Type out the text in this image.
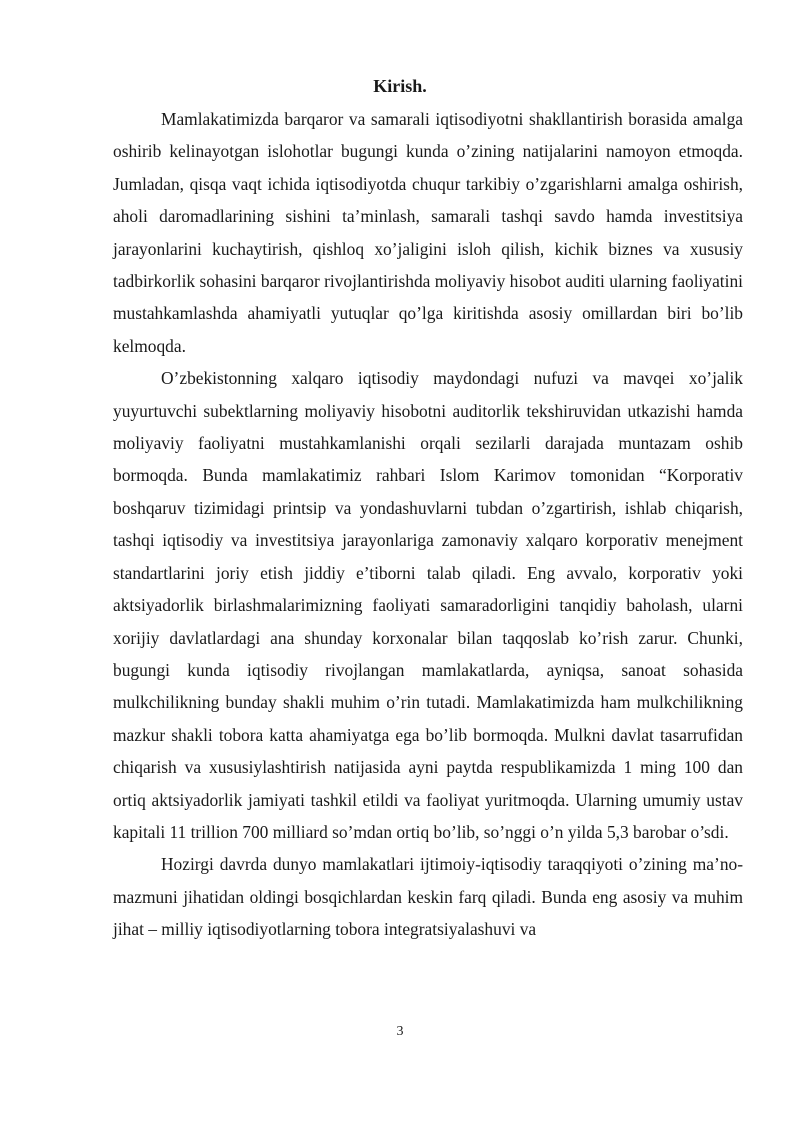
Kirish.

Mamlakatimizda barqaror va samarali iqtisodiyotni shakllantirish borasida amalga oshirib kelinayotgan islohotlar bugungi kunda o’zining natijalarini namoyon etmoqda. Jumladan, qisqa vaqt ichida iqtisodiyotda chuqur tarkibiy o’zgarishlarni amalga oshirish, aholi daromadlarining sishini ta’minlash, samarali tashqi savdo hamda investitsiya jarayonlarini kuchaytirish, qishloq xo’jaligini isloh qilish, kichik biznes va xususiy tadbirkorlik sohasini barqaror rivojlantirishda moliyaviy hisobot auditi ularning faoliyatini mustahkamlashda ahamiyatli yutuqlar qo’lga kiritishda asosiy omillardan biri bo’lib kelmoqda.

O’zbekistonning xalqaro iqtisodiy maydondagi nufuzi va mavqei xo’jalik yuyurtuvchi subektlarning moliyaviy hisobotni auditorlik tekshiruvidan utkazishi hamda moliyaviy faoliyatni mustahkamlanishi orqali sezilarli darajada muntazam oshib bormoqda. Bunda mamlakatimiz rahbari Islom Karimov tomonidan “Korporativ boshqaruv tizimidagi printsip va yondashuvlarni tubdan o’zgartirish, ishlab chiqarish, tashqi iqtisodiy va investitsiya jarayonlariga zamonaviy xalqaro korporativ menejment standartlarini joriy etish jiddiy e’tiborni talab qiladi. Eng avvalo, korporativ yoki aktsiyadorlik birlashmalarimizning faoliyati samaradorligini tanqidiy baholash, ularni xorijiy davlatlardagi ana shunday korxonalar bilan taqqoslab ko’rish zarur. Chunki, bugungi kunda iqtisodiy rivojlangan mamlakatlarda, ayniqsa, sanoat sohasida mulkchilikning bunday shakli muhim o’rin tutadi. Mamlakatimizda ham mulkchilikning mazkur shakli tobora katta ahamiyatga ega bo’lib bormoqda. Mulkni davlat tasarrufidan chiqarish va xususiylashtirish natijasida ayni paytda respublikamizda 1 ming 100 dan ortiq aktsiyadorlik jamiyati tashkil etildi va faoliyat yuritmoqda. Ularning umumiy ustav kapitali 11 trillion 700 milliard so’mdan ortiq bo’lib, so’nggi o’n yilda 5,3 barobar o’sdi.

Hozirgi davrda dunyo mamlakatlari ijtimoiy-iqtisodiy taraqqiyoti o’zining ma’no-mazmuni jihatidan oldingi bosqichlardan keskin farq qiladi. Bunda eng asosiy va muhim jihat – milliy iqtisodiyotlarning tobora integratsiyalashuvi va

3
